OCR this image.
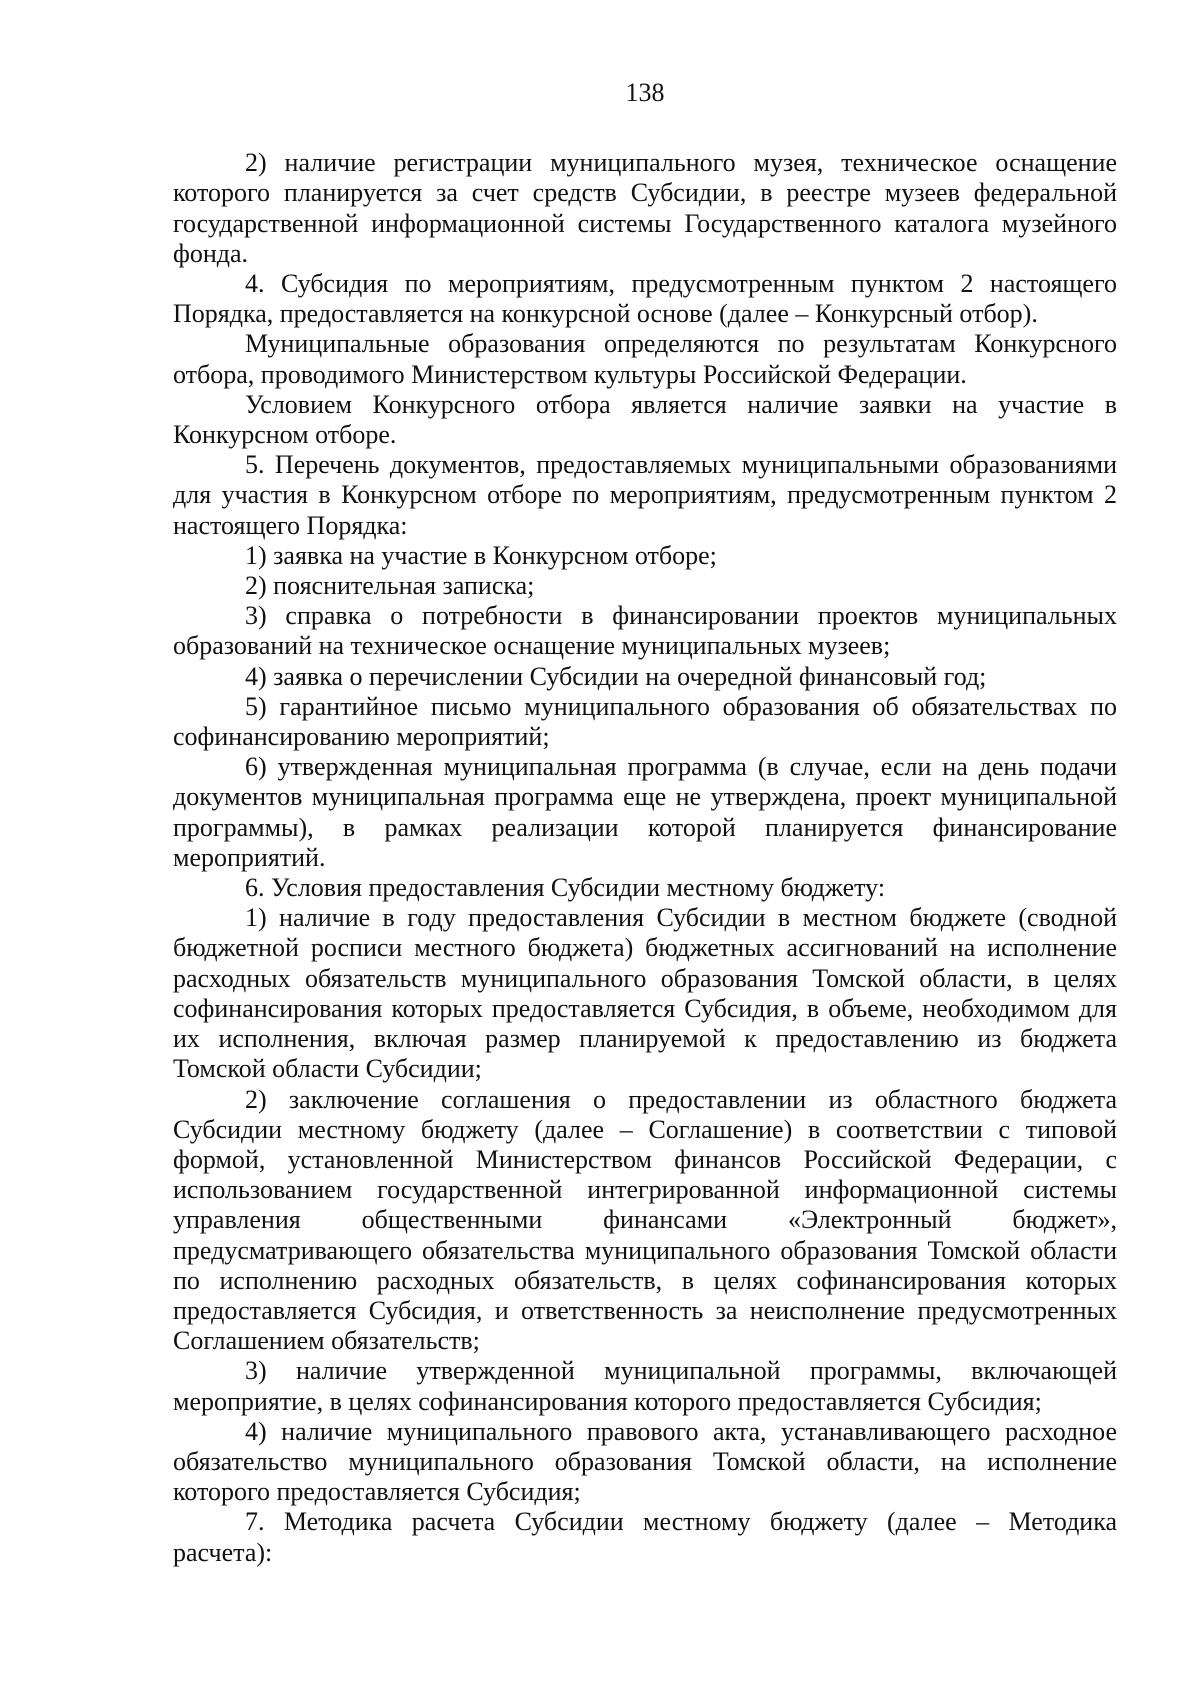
138

2) наличие регистрации муниципального музея, техническое оснащение которого планируется за счет средств Субсидии, в реестре музеев федеральной государственной информационной системы Государственного каталога музейного фонда.

4. Субсидия по мероприятиям, предусмотренным пунктом 2 настоящего Порядка, предоставляется на конкурсной основе (далее – Конкурсный отбор).

Муниципальные образования определяются по результатам Конкурсного отбора, проводимого Министерством культуры Российской Федерации.

Условием Конкурсного отбора является наличие заявки на участие в Конкурсном отборе.

5. Перечень документов, предоставляемых муниципальными образованиями для участия в Конкурсном отборе по мероприятиям, предусмотренным пунктом 2 настоящего Порядка:

1) заявка на участие в Конкурсном отборе;

2) пояснительная записка;

3) справка о потребности в финансировании проектов муниципальных образований на техническое оснащение муниципальных музеев;

4) заявка о перечислении Субсидии на очередной финансовый год;

5) гарантийное письмо муниципального образования об обязательствах по софинансированию мероприятий;

6) утвержденная муниципальная программа (в случае, если на день подачи документов муниципальная программа еще не утверждена, проект муниципальной программы), в рамках реализации которой планируется финансирование мероприятий.

6. Условия предоставления Субсидии местному бюджету:

1) наличие в году предоставления Субсидии в местном бюджете (сводной бюджетной росписи местного бюджета) бюджетных ассигнований на исполнение расходных обязательств муниципального образования Томской области, в целях софинансирования которых предоставляется Субсидия, в объеме, необходимом для их исполнения, включая размер планируемой к предоставлению из бюджета Томской области Субсидии;

2) заключение соглашения о предоставлении из областного бюджета Субсидии местному бюджету (далее – Соглашение) в соответствии с типовой формой, установленной Министерством финансов Российской Федерации, с использованием государственной интегрированной информационной системы управления общественными финансами «Электронный бюджет», предусматривающего обязательства муниципального образования Томской области по исполнению расходных обязательств, в целях софинансирования которых предоставляется Субсидия, и ответственность за неисполнение предусмотренных Соглашением обязательств;

3) наличие утвержденной муниципальной программы, включающей мероприятие, в целях софинансирования которого предоставляется Субсидия;

4) наличие муниципального правового акта, устанавливающего расходное обязательство муниципального образования Томской области, на исполнение которого предоставляется Субсидия;

7. Методика расчета Субсидии местному бюджету (далее – Методика расчета):
